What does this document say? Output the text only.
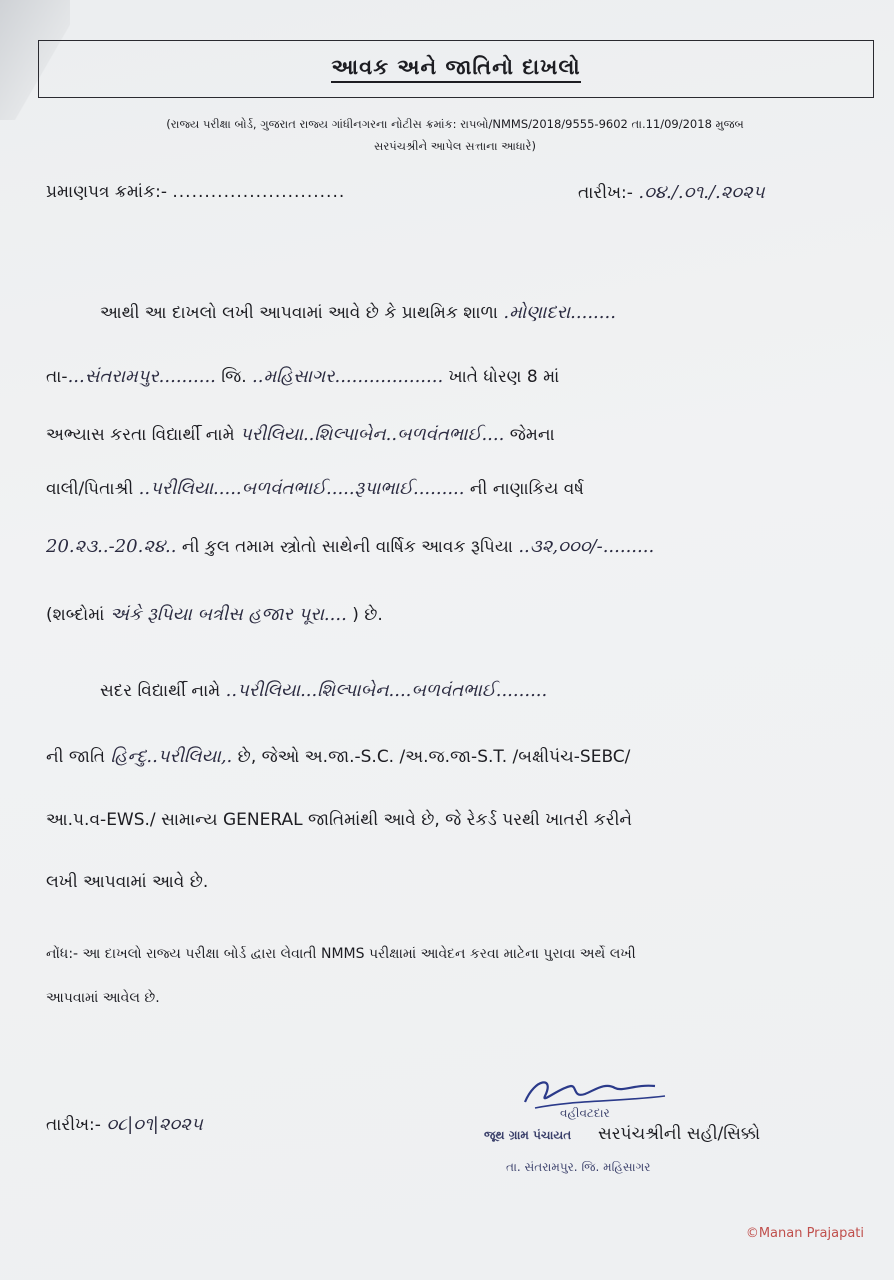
આવક અને જાતિનો દાખલો
(રાજ્ય પરીક્ષા બોર્ડ, ગુજરાત રાજ્ય ગાંધીનગરના નોટીસ ક્રમાંક: રાપબો/NMMS/2018/9555-9602 તા.11/09/2018 મુજબ
સરપંચશ્રીને આપેલ સત્તાના આધારે)
પ્રમાણપત્ર ક્રમાંક:- ...........................	તારીખ:- .૦૪./.૦૧./.૨૦૨૫
આથી આ દાખલો લખી આપવામાં આવે છે કે પ્રાથમિક શાળા .મોણાદરા........
તા-...સંતરામપુર.......... જિ. ..મહિસાગર................... ખાતે ધોરણ 8 માં
અભ્યાસ કરતા વિદ્યાર્થી નામે પરીલિયા..શિલ્પાબેન..બળવંતભાઈ.... જેમના
વાલી/પિતાશ્રી ..પરીલિયા.....બળવંતભાઈ.....રૂપાભાઈ......... ની નાણાકિય વર્ષ
20.૨૩..-20.૨૪.. ની કુલ તમામ સ્ત્રોતો સાથેની વાર્ષિક આવક રૂપિયા ..૩૨,૦૦૦/-.........
(શબ્દોમાં અંકે રૂપિયા બત્રીસ હજાર પૂરા.... ) છે.
સદર વિદ્યાર્થી નામે ..પરીલિયા...શિલ્પાબેન....બળવંતભાઈ.........
ની જાતિ હિન્દુ..પરીલિયા,. છે, જેઓ અ.જા.-S.C. /અ.જ.જા-S.T. /બક્ષીપંચ-SEBC/
આ.પ.વ-EWS./ સામાન્ય GENERAL જાતિમાંથી આવે છે, જે રેકર્ડ પરથી ખાતરી કરીને
લખી આપવામાં આવે છે.
નોંધ:- આ દાખલો રાજ્ય પરીક્ષા બોર્ડ દ્વારા લેવાતી NMMS પરીક્ષામાં આવેદન કરવા માટેના પુરાવા અર્થે લખી
આપવામાં આવેલ છે.
તારીખ:- ૦૮|૦૧|૨૦૨૫
વહીવટદાર
જૂથ ગ્રામ પંચાયત સરપંચશ્રીની સહી/સિક્કો
તા. સંતરામપુર. જિ. મહિસાગર
©Manan Prajapati
